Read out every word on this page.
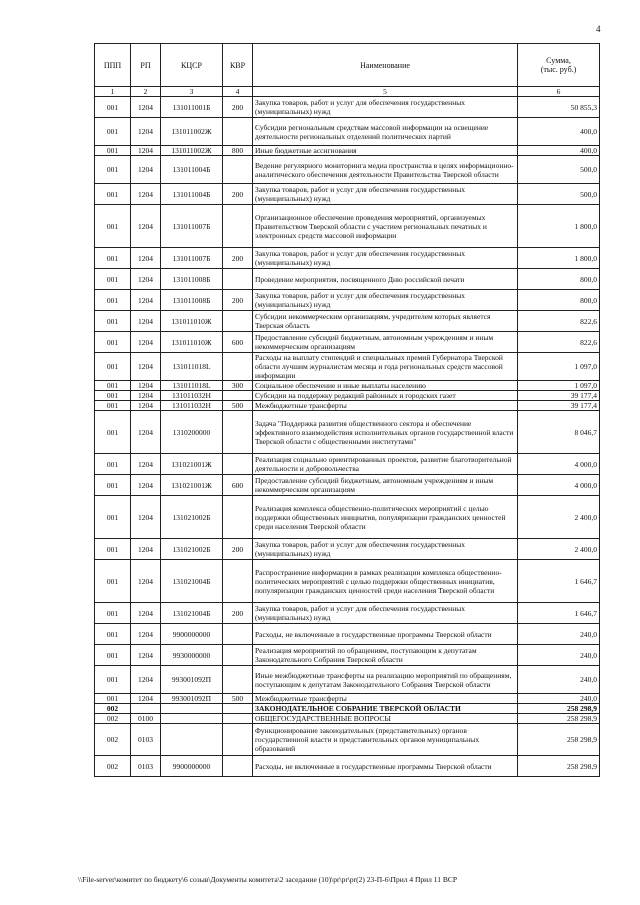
4
ППП	РП	КЦСР	КВР	Наименование	Сумма,
(тыс. руб.)
1	2	3	4	5	6
001	1204	131011001Б	200	Закупка товаров, работ и услуг для обеспечения государственных (муниципальных) нужд	50 855,3
001	1204	131011002Ж		Субсидии региональным средствам массовой информации на освещение деятельности региональных отделений политических партий	400,0
001	1204	131011002Ж	800	Иные бюджетные ассигнования	400,0
001	1204	131011004Б		Ведение регулярного мониторинга медиа пространства в целях информационно-аналитического обеспечения деятельности Правительства Тверской области	500,0
001	1204	131011004Б	200	Закупка товаров, работ и услуг для обеспечения государственных (муниципальных) нужд	500,0
001	1204	131011007Б		Организационное обеспечение проведения мероприятий, организуемых Правительством Тверской области с участием региональных печатных и электронных средств массовой информации	1 800,0
001	1204	131011007Б	200	Закупка товаров, работ и услуг для обеспечения государственных (муниципальных) нужд	1 800,0
001	1204	131011008Б		Проведение мероприятия, посвященного Дню российской печати	800,0
001	1204	131011008Б	200	Закупка товаров, работ и услуг для обеспечения государственных (муниципальных) нужд	800,0
001	1204	131011010Ж		Субсидии некоммерческим организациям, учредителем которых является Тверская область	822,6
001	1204	131011010Ж	600	Предоставление субсидий бюджетным, автономным учреждениям и иным некоммерческим организациям	822,6
001	1204	131011018L		Расходы на выплату стипендий и специальных премий Губернатора Тверской области лучшим журналистам месяца и года региональных средств массовой информации	1 097,0
001	1204	131011018L	300	Социальное обеспечение и иные выплаты населению	1 097,0
001	1204	131011032Н		Субсидии на поддержку редакций районных и городских газет	39 177,4
001	1204	131011032Н	500	Межбюджетные трансферты	39 177,4
001	1204	1310200000		Задача "Поддержка развития общественного сектора и обеспечение эффективного взаимодействия исполнительных органов государственной власти Тверской области с общественными институтами"	8 046,7
001	1204	131021001Ж		Реализация социально ориентированных проектов, развитие благотворительной деятельности и добровольчества	4 000,0
001	1204	131021001Ж	600	Предоставление субсидий бюджетным, автономным учреждениям и иным некоммерческим организациям	4 000,0
001	1204	131021002Б		Реализация комплекса общественно-политических мероприятий с целью поддержки общественных инициатив, популяризации гражданских ценностей среди населения Тверской области	2 400,0
001	1204	131021002Б	200	Закупка товаров, работ и услуг для обеспечения государственных (муниципальных) нужд	2 400,0
001	1204	131021004Б		Распространение информации в рамках реализации комплекса общественно-политических мероприятий с целью поддержки общественных инициатив, популяризации гражданских ценностей среди населения Тверской области	1 646,7
001	1204	131021004Б	200	Закупка товаров, работ и услуг для обеспечения государственных (муниципальных) нужд	1 646,7
001	1204	9900000000		Расходы, не включенные в государственные программы Тверской области	240,0
001	1204	9930000000		Реализация мероприятий по обращениям, поступающим к депутатам Законодательного Собрания Тверской области	240,0
001	1204	993001092П		Иные межбюджетные трансферты на реализацию мероприятий по обращениям, поступающим к депутатам Законодательного Собрания Тверской области	240,0
001	1204	993001092П	500	Межбюджетные трансферты	240,0
002				ЗАКОНОДАТЕЛЬНОЕ СОБРАНИЕ ТВЕРСКОЙ ОБЛАСТИ	258 298,9
002	0100			ОБЩЕГОСУДАРСТВЕННЫЕ ВОПРОСЫ	258 298,9
002	0103			Функционирование законодательных (представительных) органов государственной власти и представительных органов муниципальных образований	258 298,9
002	0103	9900000000		Расходы, не включенные в государственные программы Тверской области	258 298,9
\\File-server\комитет по бюджету\6 созыв\Документы комитета\2 заседание (10)\pr\pr\pr(2) 23-П-6\Прил 4 Прил 11 ВСР
